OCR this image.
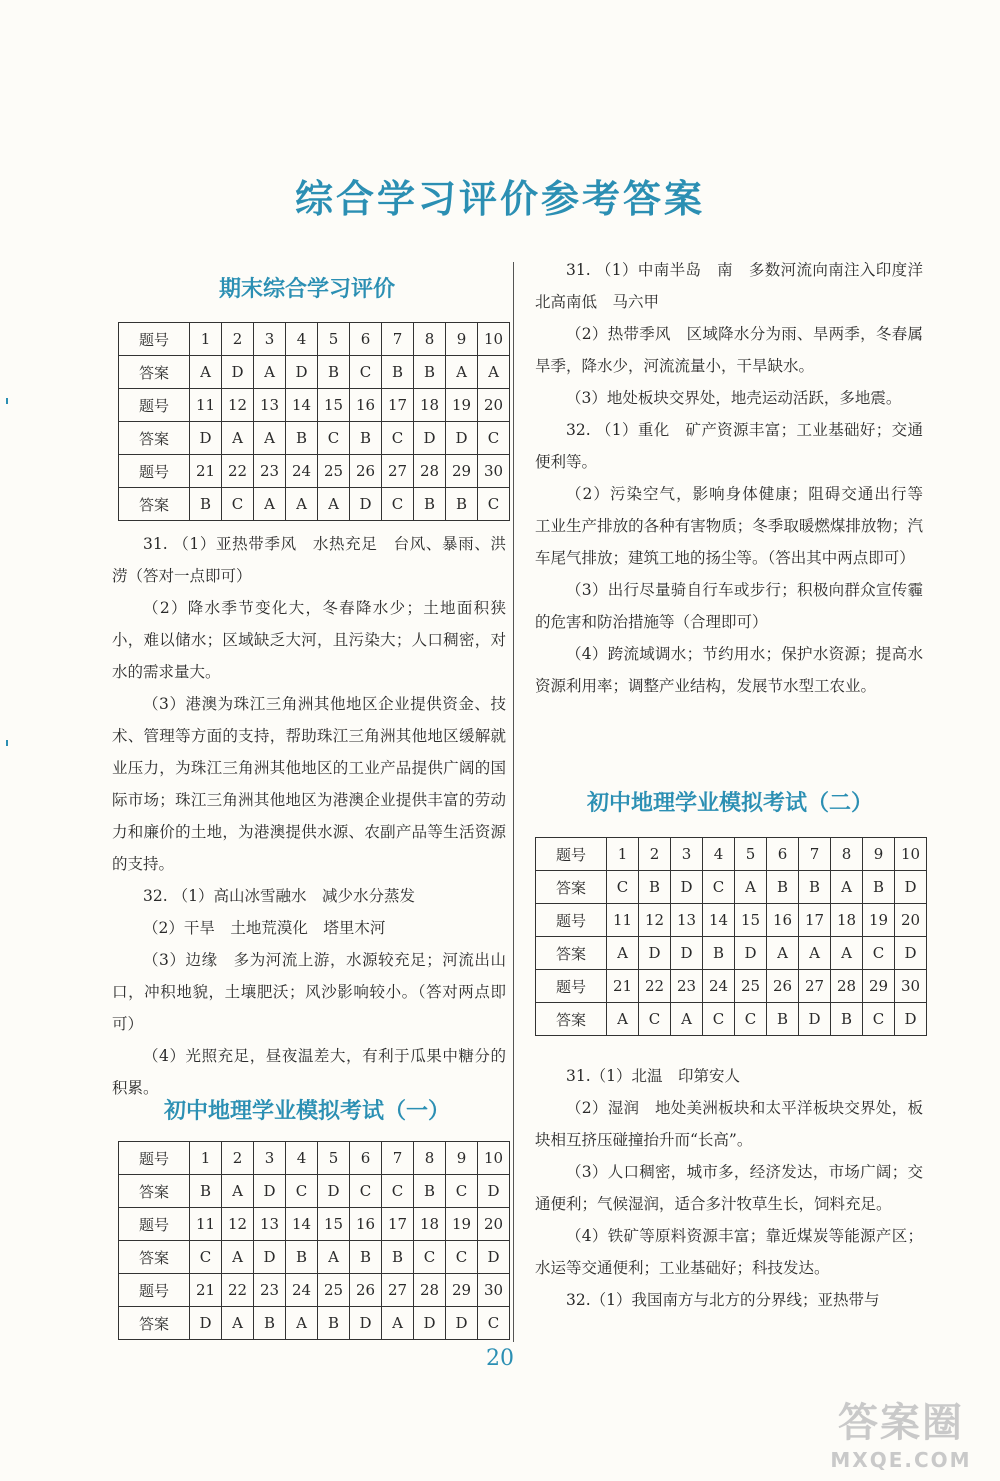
综合学习评价参考答案
期末综合学习评价
题号	1	2	3	4	5	6	7	8	9	10
答案	A	D	A	D	B	C	B	B	A	A
题号	11	12	13	14	15	16	17	18	19	20
答案	D	A	A	B	C	B	C	D	D	C
题号	21	22	23	24	25	26	27	28	29	30
答案	B	C	A	A	A	D	C	B	B	C

31. （1）亚热带季风　水热充足　台风、暴雨、洪涝（答对一点即可）

（2）降水季节变化大，冬春降水少；土地面积狭小，难以储水；区域缺乏大河，且污染大；人口稠密，对水的需求量大。

（3）港澳为珠江三角洲其他地区企业提供资金、技术、管理等方面的支持，帮助珠江三角洲其他地区缓解就业压力，为珠江三角洲其他地区的工业产品提供广阔的国际市场；珠江三角洲其他地区为港澳企业提供丰富的劳动力和廉价的土地，为港澳提供水源、农副产品等生活资源的支持。

32. （1）高山冰雪融水　减少水分蒸发

（2）干旱　土地荒漠化　塔里木河

（3）边缘　多为河流上游，水源较充足；河流出山口，冲积地貌，土壤肥沃；风沙影响较小。（答对两点即可）

（4）光照充足，昼夜温差大，有利于瓜果中糖分的积累。

初中地理学业模拟考试（一）
题号	1	2	3	4	5	6	7	8	9	10
答案	B	A	D	C	D	C	C	B	C	D
题号	11	12	13	14	15	16	17	18	19	20
答案	C	A	D	B	A	B	B	C	C	D
题号	21	22	23	24	25	26	27	28	29	30
答案	D	A	B	A	B	D	A	D	D	C

31. （1）中南半岛　南　多数河流向南注入印度洋　北高南低　马六甲

（2）热带季风　区域降水分为雨、旱两季，冬春属旱季，降水少，河流流量小，干旱缺水。

（3）地处板块交界处，地壳运动活跃，多地震。

32. （1）重化　矿产资源丰富；工业基础好；交通便利等。

（2）污染空气，影响身体健康；阻碍交通出行等　工业生产排放的各种有害物质；冬季取暖燃煤排放物；汽车尾气排放；建筑工地的扬尘等。（答出其中两点即可）

（3）出行尽量骑自行车或步行；积极向群众宣传霾的危害和防治措施等（合理即可）

（4）跨流域调水；节约用水；保护水资源；提高水资源利用率；调整产业结构，发展节水型工农业。

初中地理学业模拟考试（二）
题号	1	2	3	4	5	6	7	8	9	10
答案	C	B	D	C	A	B	B	A	B	D
题号	11	12	13	14	15	16	17	18	19	20
答案	A	D	D	B	D	A	A	A	C	D
题号	21	22	23	24	25	26	27	28	29	30
答案	A	C	A	C	C	B	D	B	C	D

31.（1）北温　印第安人

（2）湿润　地处美洲板块和太平洋板块交界处，板块相互挤压碰撞抬升而“长高”。

（3）人口稠密，城市多，经济发达，市场广阔；交通便利；气候湿润，适合多汁牧草生长，饲料充足。

（4）铁矿等原料资源丰富；靠近煤炭等能源产区；水运等交通便利；工业基础好；科技发达。

32.（1）我国南方与北方的分界线；亚热带与

20
答案圈
MXQE.COM
